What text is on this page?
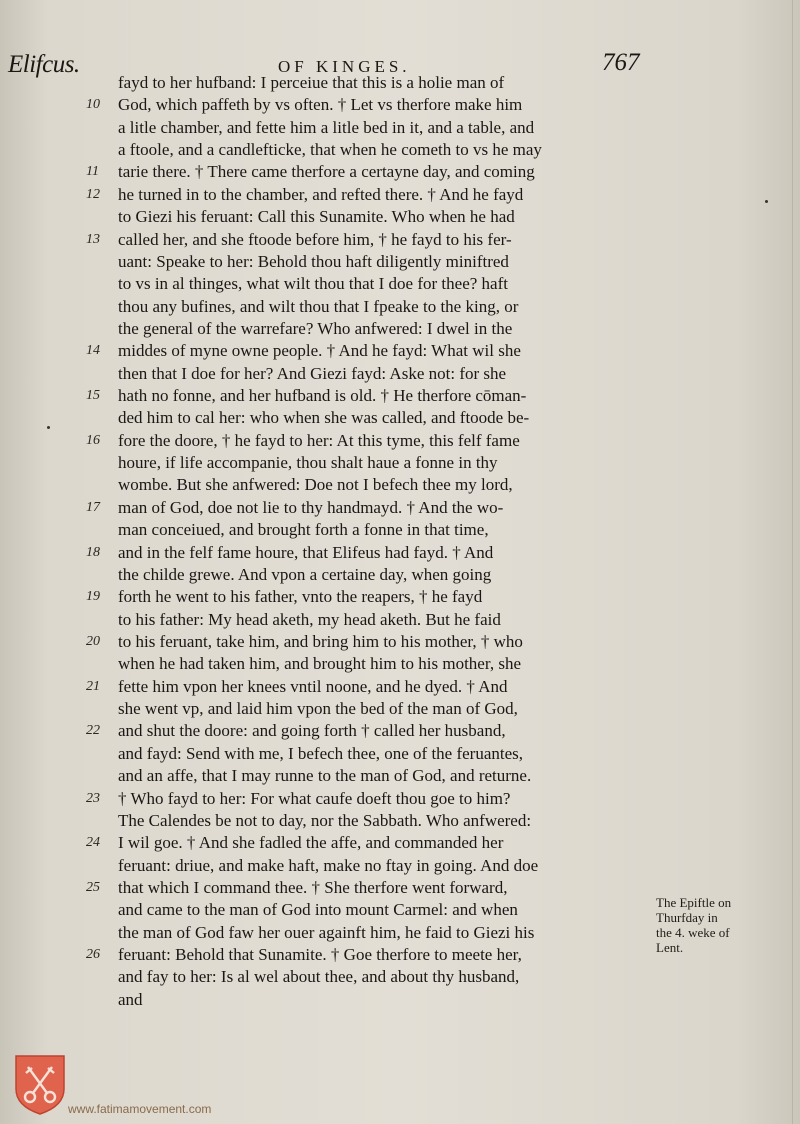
Elifcus.	OF KINGES.	767
fayd to her hufband: I perceiue that this is a holie man of
10	God, which paffeth by vs often. † Let vs therfore make him
a litle chamber, and fette him a litle bed in it, and a table, and
a ftoole, and a candlefticke, that when he cometh to vs he may
11	tarie there. † There came therfore a certayne day, and coming
12	he turned in to the chamber, and refted there. † And he fayd
to Giezi his feruant: Call this Sunamite. Who when he had
13	called her, and she ftoode before him, † he fayd to his fer-
uant: Speake to her: Behold thou haft diligently miniftred
to vs in al thinges, what wilt thou that I doe for thee? haft
thou any bufines, and wilt thou that I fpeake to the king, or
the general of the warrefare? Who anfwered: I dwel in the
14	middes of myne owne people. † And he fayd: What wil she
then that I doe for her? And Giezi fayd: Aske not: for she
15	hath no fonne, and her hufband is old. † He therfore cōman-
ded him to cal her: who when she was called, and ftoode be-
16	fore the doore, † he fayd to her: At this tyme, this felf fame
houre, if life accompanie, thou shalt haue a fonne in thy
wombe. But she anfwered: Doe not I befech thee my lord,
17	man of God, doe not lie to thy handmayd. † And the wo-
man conceiued, and brought forth a fonne in that time,
18	and in the felf fame houre, that Elifeus had fayd. † And
the childe grewe. And vpon a certaine day, when going
19	forth he went to his father, vnto the reapers, † he fayd
to his father: My head aketh, my head aketh. But he faid
20	to his feruant, take him, and bring him to his mother, † who
when he had taken him, and brought him to his mother, she
21	fette him vpon her knees vntil noone, and he dyed. † And
she went vp, and laid him vpon the bed of the man of God,
22	and shut the doore: and going forth † called her husband,
and fayd: Send with me, I befech thee, one of the feruantes,
and an affe, that I may runne to the man of God, and returne.
23	† Who fayd to her: For what caufe doeft thou goe to him?
The Calendes be not to day, nor the Sabbath. Who anfwered:
24	I wil goe. † And she fadled the affe, and commanded her
feruant: driue, and make haft, make no ftay in going. And doe
25	that which I command thee. † She therfore went forward,
and came to the man of God into mount Carmel: and when
the man of God faw her ouer againft him, he faid to Giezi his
26	feruant: Behold that Sunamite. † Goe therfore to meete her,
and fay to her: Is al wel about thee, and about thy husband,
and
The Epiftle on
Thurfday in
the 4. weke of
Lent.
www.fatimamovement.com
